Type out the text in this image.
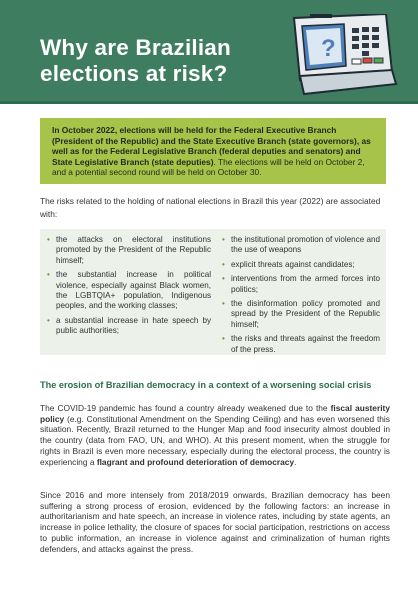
Why are Brazilian
elections at risk?
?
In October 2022, elections will be held for the Federal Executive Branch (President of the Republic) and the State Executive Branch (state governors), as well as for the Federal Legislative Branch (federal deputies and senators) and State Legislative Branch (state deputies). The elections will be held on October 2, and a potential second round will be held on October 30.
The risks related to the holding of national elections in Brazil this year (2022) are associated with:
• the attacks on electoral institutions promoted by the President of the Republic himself;
• the substantial increase in political violence, especially against Black women, the LGBTQIA+ population, Indigenous peoples, and the working classes;
• a substantial increase in hate speech by public authorities;
• the institutional promotion of violence and the use of weapons
• explicit threats against candidates;
• interventions from the armed forces into politics;
• the disinformation policy promoted and spread by the President of the Republic himself;
• the risks and threats against the freedom of the press.
The erosion of Brazilian democracy in a context of a worsening social crisis
The COVID-19 pandemic has found a country already weakened due to the fiscal austerity policy (e.g. Constitutional Amendment on the Spending Ceiling) and has even worsened this situation. Recently, Brazil returned to the Hunger Map and food insecurity almost doubled in the country (data from FAO, UN, and WHO). At this present moment, when the struggle for rights in Brazil is even more necessary, especially during the electoral process, the country is experiencing a flagrant and profound deterioration of democracy.
Since 2016 and more intensely from 2018/2019 onwards, Brazilian democracy has been suffering a strong process of erosion, evidenced by the following factors: an increase in authoritarianism and hate speech, an increase in violence rates, including by state agents, an increase in police lethality, the closure of spaces for social participation, restrictions on access to public information, an increase in violence against and criminalization of human rights defenders, and attacks against the press.
